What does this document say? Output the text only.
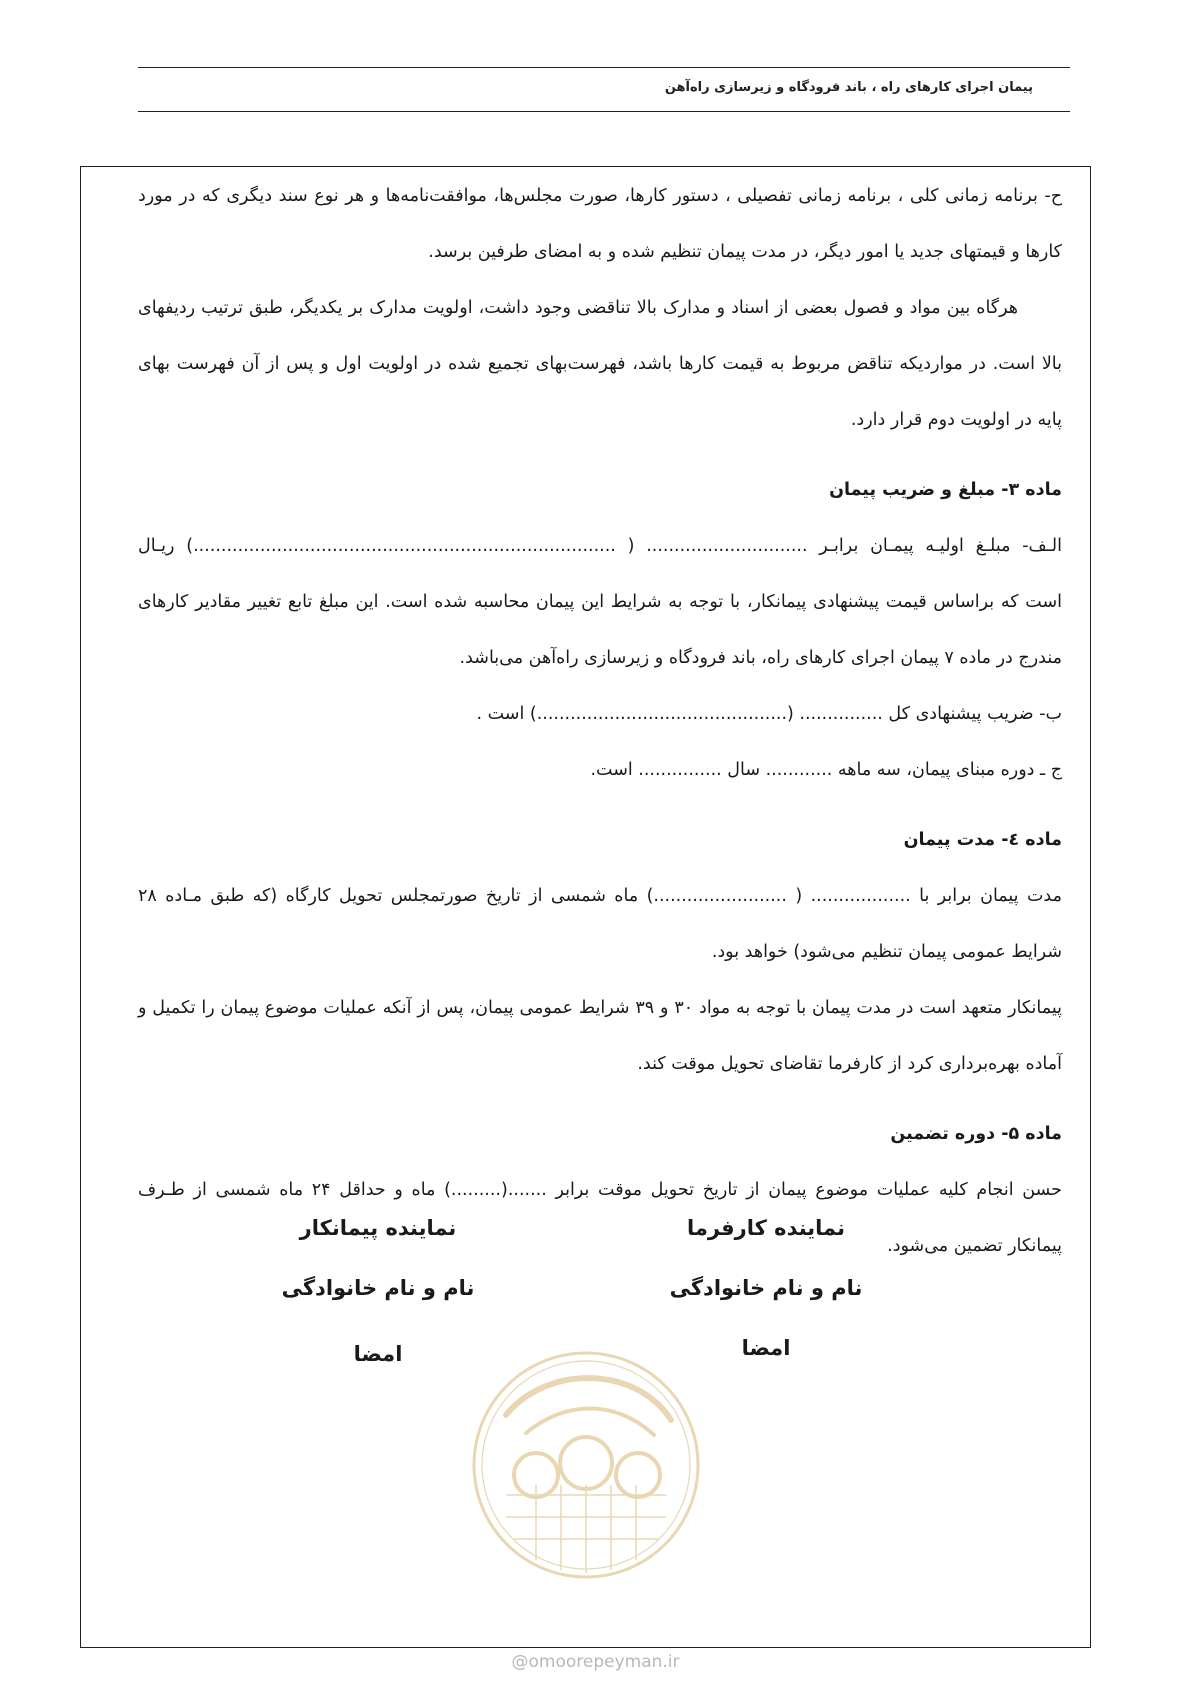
پیمان اجرای کارهای راه ، باند فرودگاه و زیرسازی راه‌آهن

ح- برنامه زمانی کلی ، برنامه زمانی تفصیلی ، دستور کارها، صورت مجلس‌ها، موافقت‌نامه‌ها و هر نوع سند دیگری که در مورد کارها و قیمتهای جدید یا امور دیگر، در مدت پیمان تنظیم شده و به امضای طرفین برسد.

هرگاه بین مواد و فصول بعضی از اسناد و مدارک بالا تناقضی وجود داشت، اولویت مدارک بر یکدیگر، طبق ترتیب ردیفهای بالا است. در مواردیکه تناقض مربوط به قیمت کارها باشد، فهرست‌بهای تجمیع شده در اولویت اول و پس از آن فهرست بهای پایه در اولویت دوم قرار دارد.

ماده ۳- مبلغ و ضریب پیمان

الـف- مبلـغ اولیـه پیمـان برابـر ............................. ( ............................................................................) ریـال

است که براساس قیمت پیشنهادی پیمانکار، با توجه به شرایط این پیمان محاسبه شده است. این مبلغ تابع تغییر مقادیر کارهای مندرج در ماده ۷ پیمان اجرای کارهای راه، باند فرودگاه و زیرسازی راه‌آهن می‌باشد.

ب- ضریب پیشنهادی کل ............... (.............................................) است .

ج ـ دوره مبنای پیمان، سه ماهه ............ سال ............... است.

ماده ٤- مدت پیمان

مدت پیمان برابر با .................. ( ........................) ماه شمسی از تاریخ صورتمجلس تحویل کارگاه (که طبق مـاده ۲۸ شرایط عمومی پیمان تنظیم می‌شود) خواهد بود.

پیمانکار متعهد است در مدت پیمان با توجه به مواد ۳۰ و ۳۹ شرایط عمومی پیمان، پس از آنکه عملیات موضوع پیمان را تکمیل و آماده بهره‌برداری کرد از کارفرما تقاضای تحویل موقت کند.

ماده ۵- دوره تضمین

حسن انجام کلیه عملیات موضوع پیمان از تاریخ تحویل موقت برابر .......(.........) ماه و حداقل ۲۴ ماه شمسی از طـرف پیمانکار تضمین می‌شود.

نماینده کارفرما
نام و نام خانوادگی
امضا
نماینده پیمانکار
نام و نام خانوادگی
امضا
@omoorepeyman.ir
